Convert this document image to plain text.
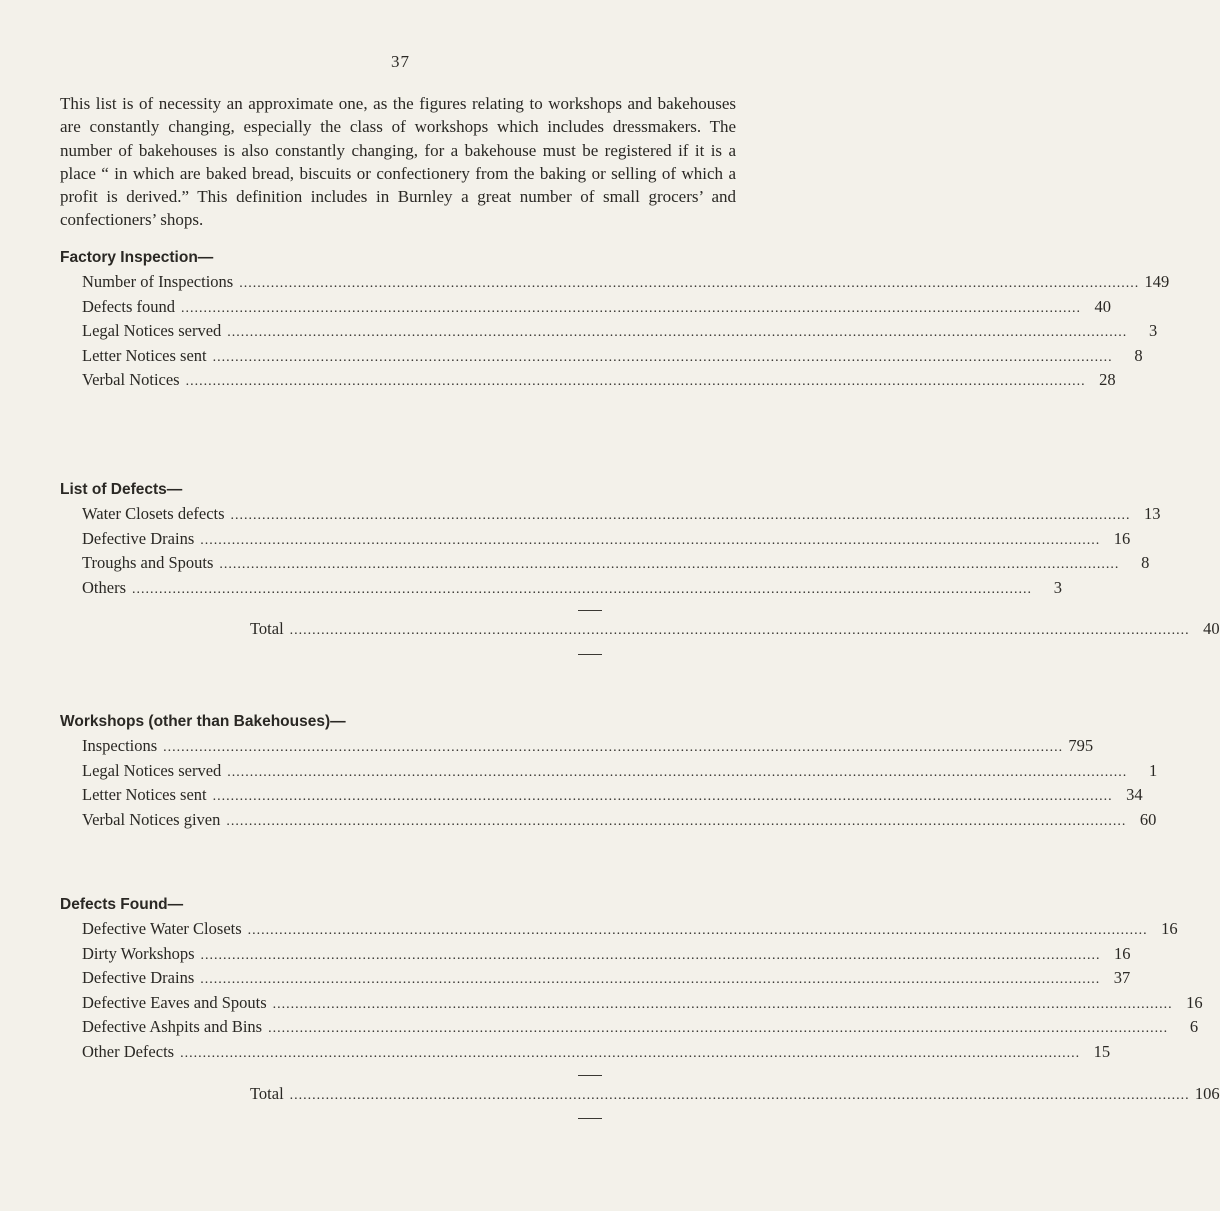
37

This list is of necessity an approximate one, as the figures relating to workshops and bakehouses are constantly changing, especially the class of workshops which includes dressmakers. The number of bakehouses is also constantly changing, for a bakehouse must be registered if it is a place “ in which are baked bread, biscuits or confectionery from the baking or selling of which a profit is derived.” This definition includes in Burnley a great number of small grocers’ and confectioners’ shops.

Factory Inspection—
Number of Inspections ........................................................................................................................................................................................................ 149
Defects found ........................................................................................................................................................................................................ 40
Legal Notices served ........................................................................................................................................................................................................	3
Letter Notices sent ........................................................................................................................................................................................................	8
Verbal Notices ........................................................................................................................................................................................................ 28
List of Defects—
Water Closets defects ........................................................................................................................................................................................................ 13
Defective Drains ........................................................................................................................................................................................................ 16
Troughs and Spouts ........................................................................................................................................................................................................	8
Others ........................................................................................................................................................................................................	3
Total ........................................................................................................................................................................................................ 40
Workshops (other than Bakehouses)—
Inspections ........................................................................................................................................................................................................ 795
Legal Notices served ........................................................................................................................................................................................................	1
Letter Notices sent ........................................................................................................................................................................................................ 34
Verbal Notices given ........................................................................................................................................................................................................ 60
Defects Found—
Defective Water Closets ........................................................................................................................................................................................................ 16
Dirty Workshops ........................................................................................................................................................................................................ 16
Defective Drains ........................................................................................................................................................................................................ 37
Defective Eaves and Spouts ........................................................................................................................................................................................................ 16
Defective Ashpits and Bins ........................................................................................................................................................................................................	6
Other Defects ........................................................................................................................................................................................................ 15
Total ........................................................................................................................................................................................................ 106
